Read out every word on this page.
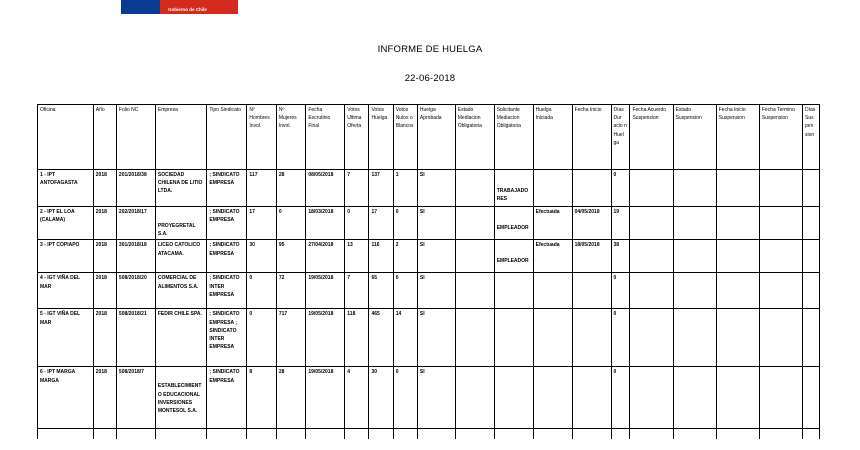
Gobierno de Chile
INFORME DE HUELGA
22-06-2018
Oficina	Año	Folio NC	Empresa	Tipo Sindicato	Nº Hombres Invol.	Nº Mujeres Invol.	Fecha Escrutinio Final	Votos Ultima Oferta	Votos Huelga	Votos Nulos o Blancos	Huelga Aprobada	Estado Mediacion Obligatoria	Solicitante Mediacion Obligatoria	Huelga Iniciada	Fecha Inicio	Días Dur acio n Huel ga	Fecha Acuerdo Suspension	Estado Suspension	Fecha Inicio Suspension	Fecha Termino Suspension	Días Sus pen sion
1 - IPT ANTOFAGASTA	2018	201/2018/38	SOCIEDAD CHILENA DE LITIO LTDA.	; SINDICATO EMPRESA	117	28	08/05/2018	7	137	1	SI		TRABAJADORES			0					
2 - IPT EL LOA (CALAMA)	2018	202/2018/17	PROYEGRETAL S.A.	; SINDICATO EMPRESA	17	0	18/03/2018	0	17	0	SI		EMPLEADOR	Efectuada	04/05/2018	19					
3 - IPT COPIAPO	2018	301/2018/18	LICEO CATOLICO ATACAMA.	; SINDICATO EMPRESA	30	95	27/04/2018	13	116	2	SI		EMPLEADOR	Efectuada	18/05/2018	38					
4 - IGT VIÑA DEL MAR	2018	508/2018/20	COMERCIAL DE ALIMENTOS S.A.	; SINDICATO INTER EMPRESA	0	72	19/05/2018	7	65	0	SI					0					
5 - IGT VIÑA DEL MAR	2018	508/2018/21	FEDIR CHILE SPA.	; SINDICATO EMPRESA ; SINDICATO INTER EMPRESA	0	717	19/05/2018	118	465	14	SI					0					
6 - IPT MARGA MARGA	2018	508/2018/7	ESTABLECIMIENTO EDUCACIONAL INVERSIONES MONTESOL S.A.	; SINDICATO EMPRESA	8	28	19/05/2018	4	30	0	SI					0					
